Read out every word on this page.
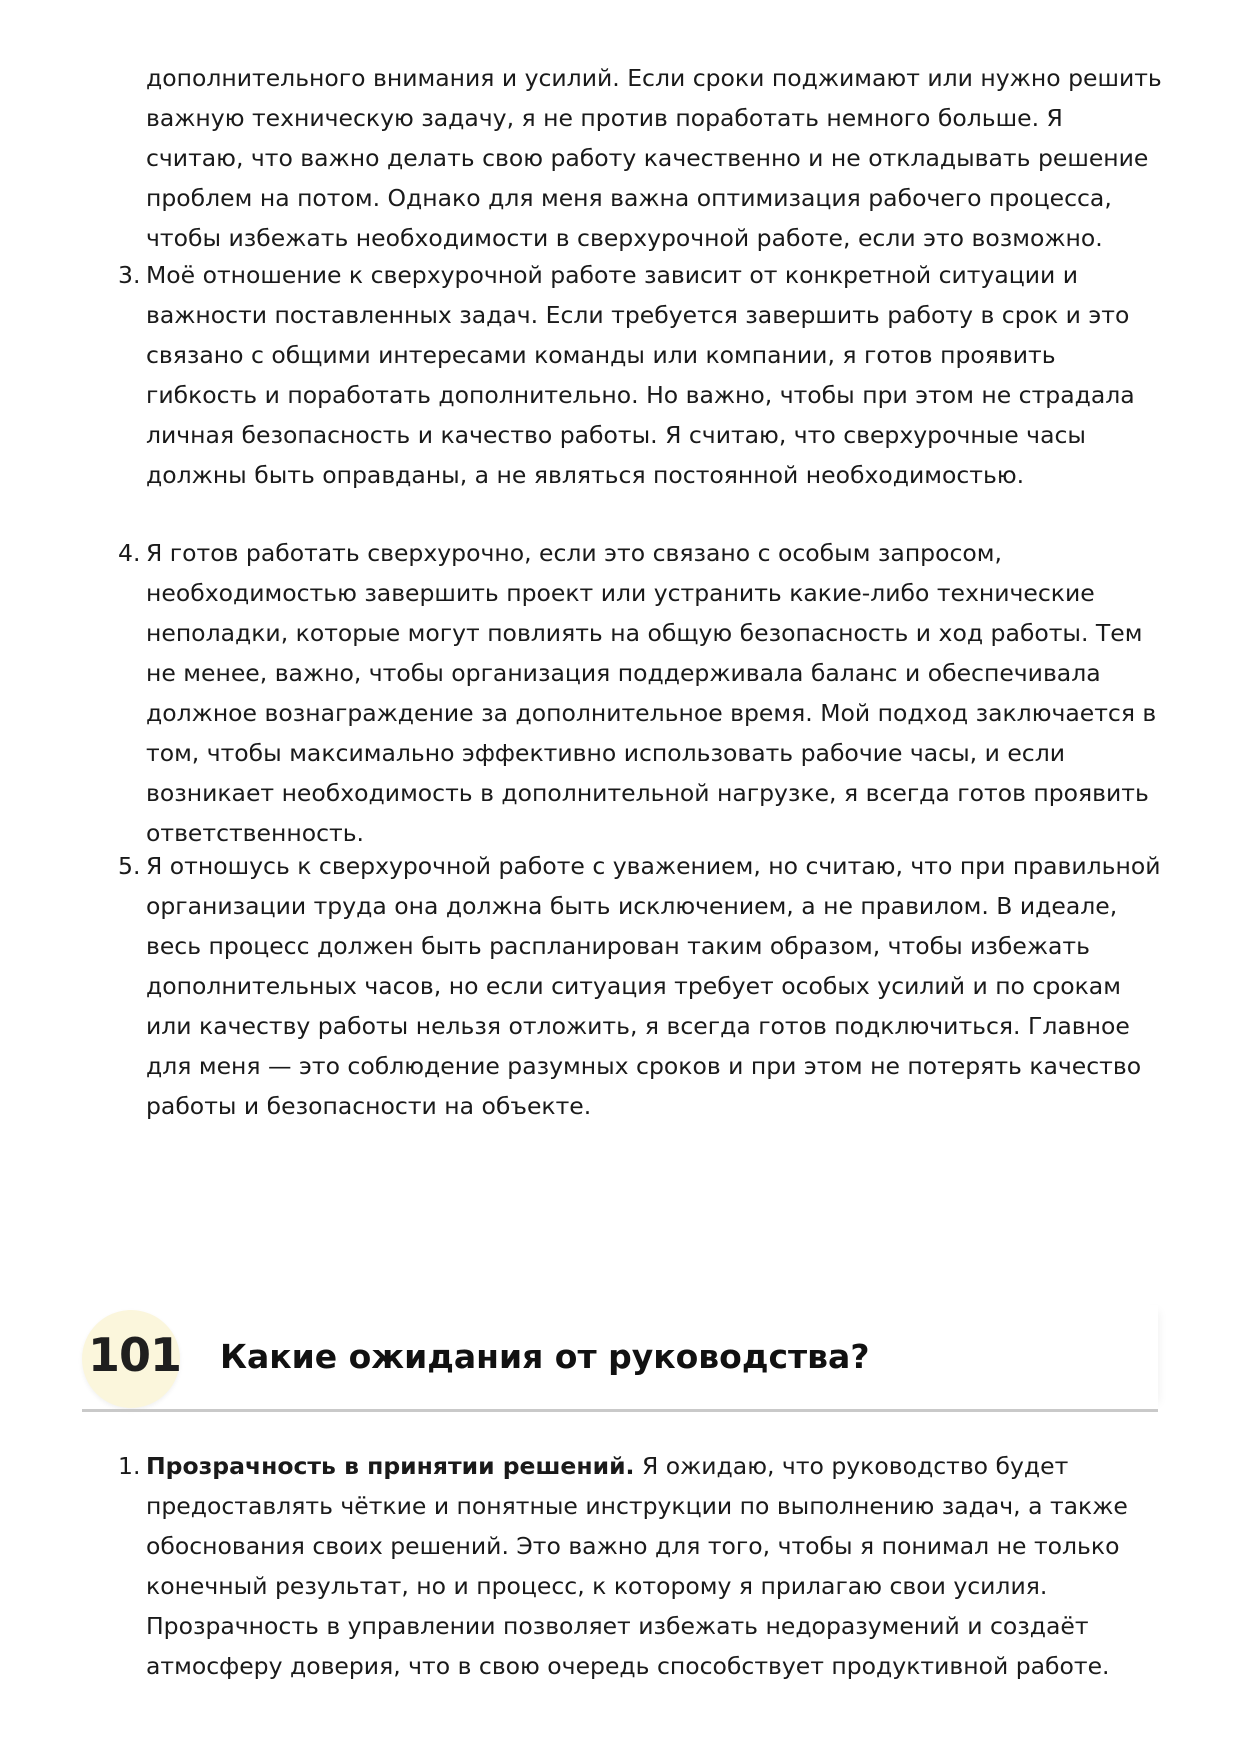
дополнительного внимания и усилий. Если сроки поджимают или нужно решить важную техническую задачу, я не против поработать немного больше. Я считаю, что важно делать свою работу качественно и не откладывать решение проблем на потом. Однако для меня важна оптимизация рабочего процесса, чтобы избежать необходимости в сверхурочной работе, если это возможно.

3. Моё отношение к сверхурочной работе зависит от конкретной ситуации и важности поставленных задач. Если требуется завершить работу в срок и это связано с общими интересами команды или компании, я готов проявить гибкость и поработать дополнительно. Но важно, чтобы при этом не страдала личная безопасность и качество работы. Я считаю, что сверхурочные часы должны быть оправданы, а не являться постоянной необходимостью.
4. Я готов работать сверхурочно, если это связано с особым запросом, необходимостью завершить проект или устранить какие-либо технические неполадки, которые могут повлиять на общую безопасность и ход работы. Тем не менее, важно, чтобы организация поддерживала баланс и обеспечивала должное вознаграждение за дополнительное время. Мой подход заключается в том, чтобы максимально эффективно использовать рабочие часы, и если возникает необходимость в дополнительной нагрузке, я всегда готов проявить ответственность.
5. Я отношусь к сверхурочной работе с уважением, но считаю, что при правильной организации труда она должна быть исключением, а не правилом. В идеале, весь процесс должен быть распланирован таким образом, чтобы избежать дополнительных часов, но если ситуация требует особых усилий и по срокам или качеству работы нельзя отложить, я всегда готов подключиться. Главное для меня — это соблюдение разумных сроков и при этом не потерять качество работы и безопасности на объекте.
101 Какие ожидания от руководства?
1. Прозрачность в принятии решений. Я ожидаю, что руководство будет предоставлять чёткие и понятные инструкции по выполнению задач, а также обоснования своих решений. Это важно для того, чтобы я понимал не только конечный результат, но и процесс, к которому я прилагаю свои усилия. Прозрачность в управлении позволяет избежать недоразумений и создаёт атмосферу доверия, что в свою очередь способствует продуктивной работе.
